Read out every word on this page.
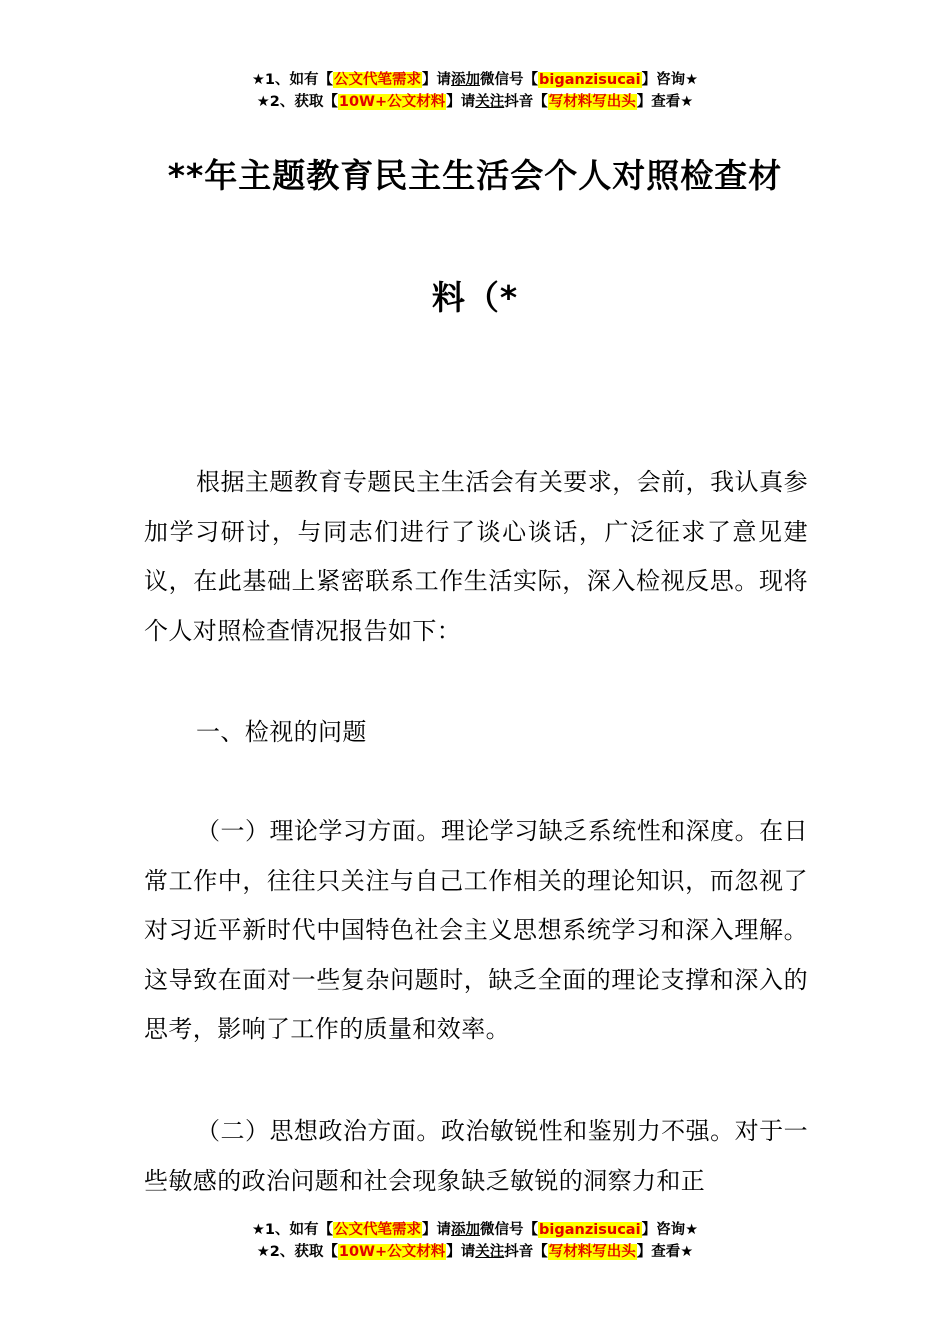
★1、如有【公文代笔需求】请添加微信号【biganzisucai】咨询★
★2、获取【10W+公文材料】请关注抖音【写材料写出头】查看★
**年主题教育民主生活会个人对照检查材
料（*
根据主题教育专题民主生活会有关要求，会前，我认真参加学习研讨，与同志们进行了谈心谈话，广泛征求了意见建议，在此基础上紧密联系工作生活实际，深入检视反思。现将个人对照检查情况报告如下：
一、检视的问题
（一）理论学习方面。理论学习缺乏系统性和深度。在日常工作中，往往只关注与自己工作相关的理论知识，而忽视了对习近平新时代中国特色社会主义思想系统学习和深入理解。这导致在面对一些复杂问题时，缺乏全面的理论支撑和深入的思考，影响了工作的质量和效率。
（二）思想政治方面。政治敏锐性和鉴别力不强。对于一些敏感的政治问题和社会现象缺乏敏锐的洞察力和正
★1、如有【公文代笔需求】请添加微信号【biganzisucai】咨询★
★2、获取【10W+公文材料】请关注抖音【写材料写出头】查看★
